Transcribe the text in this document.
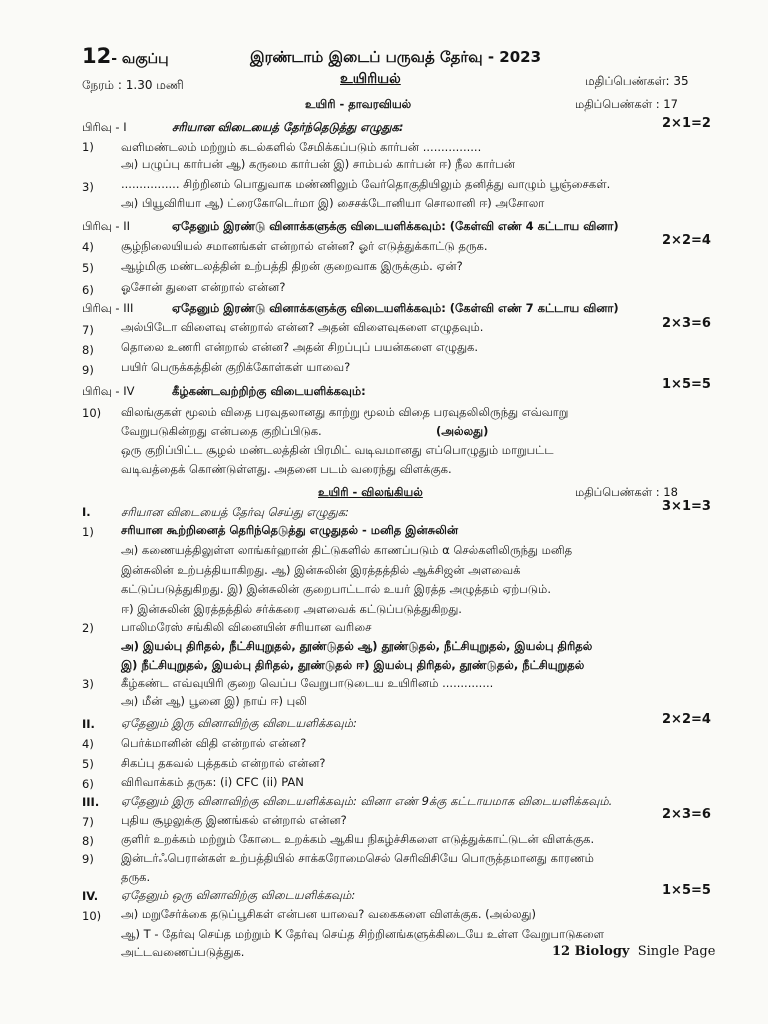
12- வகுப்பு	இரண்டாம் இடைப் பருவத் தேர்வு - 2023
உயிரியல்
நேரம் : 1.30 மணி	மதிப்பெண்கள்: 35
உயிரி - தாவரவியல்	மதிப்பெண்கள் : 17
பிரிவு - I	சரியான விடையைத் தேர்ந்தெடுத்து எழுதுக:	2×1=2
1) வளிமண்டலம் மற்றும் கடல்களில் சேமிக்கப்படும் கார்பன் ................
அ) பழுப்பு கார்பன் ஆ) கருமை கார்பன் இ) சாம்பல் கார்பன் ஈ) நீல கார்பன்
3) ................ சிற்றினம் பொதுவாக மண்ணிலும் வேர்தொகுதியிலும் தனித்து வாழும் பூஞ்சைகள்.
அ) பியூவிரியா ஆ) ட்ரைகோடெர்மா இ) சைசக்டோனியா சொலானி ஈ) அசோலா
பிரிவு - II	ஏதேனும் இரண்டு வினாக்களுக்கு விடையளிக்கவும்: (கேள்வி எண் 4 கட்டாய வினா)
2×2=4
4) சூழ்நிலையியல் சமானங்கள் என்றால் என்ன? ஓர் எடுத்துக்காட்டு தருக.
5) ஆழ்மிகு மண்டலத்தின் உற்பத்தி திறன் குறைவாக இருக்கும். ஏன்?
6) ஓசோன் துளை என்றால் என்ன?
பிரிவு - III	ஏதேனும் இரண்டு வினாக்களுக்கு விடையளிக்கவும்: (கேள்வி எண் 7 கட்டாய வினா)
2×3=6
7) அல்பிடோ விளைவு என்றால் என்ன? அதன் விளைவுகளை எழுதவும்.
8) தொலை உணரி என்றால் என்ன? அதன் சிறப்புப் பயன்களை எழுதுக.
9) பயிர் பெருக்கத்தின் குறிக்கோள்கள் யாவை?
பிரிவு - IV	கீழ்கண்டவற்றிற்கு விடையளிக்கவும்:	1×5=5
10) விலங்குகள் மூலம் விதை பரவுதலானது காற்று மூலம் விதை பரவுதலிலிருந்து எவ்வாறு
வேறுபடுகின்றது என்பதை குறிப்பிடுக.	(அல்லது)
ஒரு குறிப்பிட்ட சூழல் மண்டலத்தின் பிரமிட் வடிவமானது எப்பொழுதும் மாறுபட்ட
வடிவத்தைக் கொண்டுள்ளது. அதனை படம் வரைந்து விளக்குக.
உயிரி - விலங்கியல்	மதிப்பெண்கள் : 18
I.	சரியான விடையைத் தேர்வு செய்து எழுதுக:	3×1=3
1) சரியான கூற்றினைத் தெரிந்தெடுத்து எழுதுதல் - மனித இன்சுலின்
அ) கணையத்திலுள்ள லாங்கர்ஹான் திட்டுகளில் காணப்படும் α செல்களிலிருந்து மனித
இன்சுலின் உற்பத்தியாகிறது. ஆ) இன்சுலின் இரத்தத்தில் ஆக்சிஜன் அளவைக்
கட்டுப்படுத்துகிறது. இ) இன்சுலின் குறைபாட்டால் உயர் இரத்த அழுத்தம் ஏற்படும்.
ஈ) இன்சுலின் இரத்தத்தில் சர்க்கரை அளவைக் கட்டுப்படுத்துகிறது.
2) பாலிமரேஸ் சங்கிலி வினையின் சரியான வரிசை
அ) இயல்பு திரிதல், நீட்சியுறுதல், தூண்டுதல் ஆ) தூண்டுதல், நீட்சியுறுதல், இயல்பு திரிதல்
இ) நீட்சியுறுதல், இயல்பு திரிதல், தூண்டுதல் ஈ) இயல்பு திரிதல், தூண்டுதல், நீட்சியுறுதல்
3) கீழ்கண்ட எவ்வுயிரி குறை வெப்ப வேறுபாடுடைய உயிரினம் ..............
அ) மீன் ஆ) பூனை இ) நாய் ஈ) புலி
II. ஏதேனும் இரு வினாவிற்கு விடையளிக்கவும்:	2×2=4
4) பெர்க்மானின் விதி என்றால் என்ன?
5) சிகப்பு தகவல் புத்தகம் என்றால் என்ன?
6) விரிவாக்கம் தருக: (i) CFC (ii) PAN
III. ஏதேனும் இரு வினாவிற்கு விடையளிக்கவும்: வினா எண் 9க்கு கட்டாயமாக விடையளிக்கவும்.
2×3=6
7) புதிய சூழலுக்கு இணங்கல் என்றால் என்ன?
8) குளிர் உறக்கம் மற்றும் கோடை உறக்கம் ஆகிய நிகழ்ச்சிகளை எடுத்துக்காட்டுடன் விளக்குக.
9) இன்டர்ஃபெரான்கள் உற்பத்தியில் சாக்கரோமைசெல் செரிவிசியே பொருத்தமானது காரணம்
தருக.
IV. ஏதேனும் ஒரு வினாவிற்கு விடையளிக்கவும்:	1×5=5
10) அ) மறுசேர்க்கை தடுப்பூசிகள் என்பன யாவை? வகைகளை விளக்குக. (அல்லது)
ஆ) T - தேர்வு செய்த மற்றும் K தேர்வு செய்த சிற்றினங்களுக்கிடையே உள்ள வேறுபாடுகளை
அட்டவணைப்படுத்துக.	12 Biology Single Page
